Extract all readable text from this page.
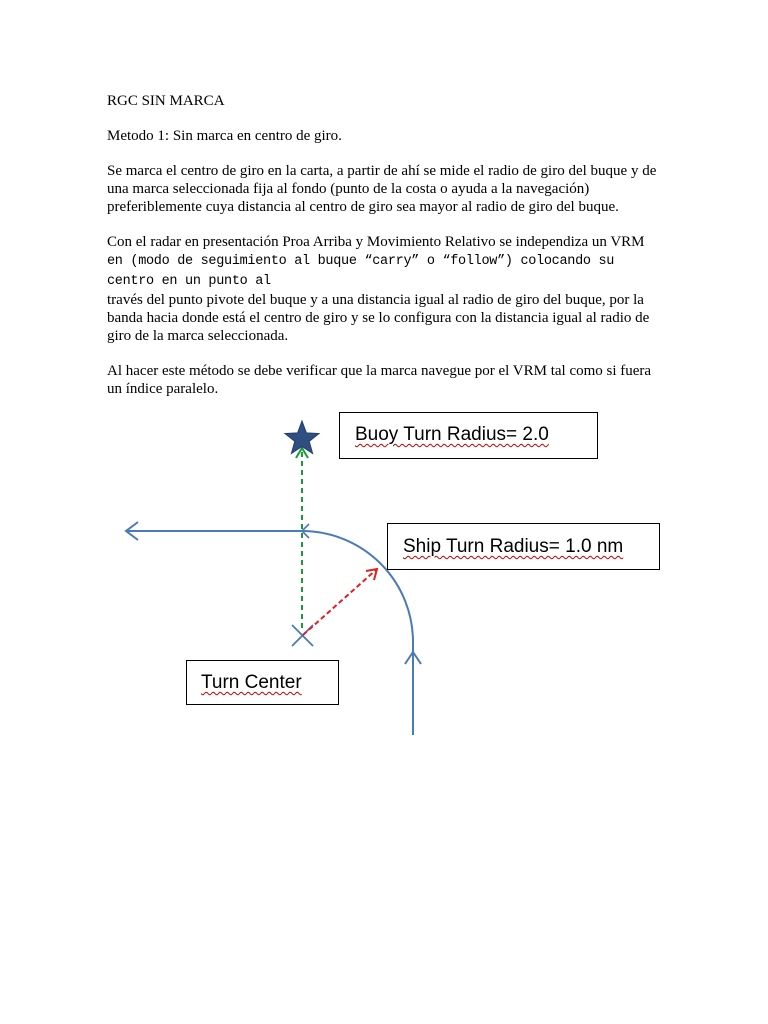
RGC SIN MARCA

Metodo 1: Sin marca en centro de giro.

Se marca el centro de giro en la carta, a partir de ahí se mide el radio de giro del buque y de una marca seleccionada fija al fondo (punto de la costa o ayuda a la navegación) preferiblemente cuya distancia al centro de giro sea mayor al radio de giro del buque.

Con el radar en presentación Proa Arriba y Movimiento Relativo se independiza un VRM
en (modo de seguimiento al buque “carry” o “follow”) colocando su centro en un punto al
través del punto pivote del buque y a una distancia igual al radio de giro del buque, por la banda hacia donde está el centro de giro y se lo configura con la distancia igual al radio de giro de la marca seleccionada.

Al hacer este método se debe verificar que la marca navegue por el VRM tal como si fuera un índice paralelo.

Buoy Turn Radius= 2.0
Ship Turn Radius= 1.0 nm
Turn Center
